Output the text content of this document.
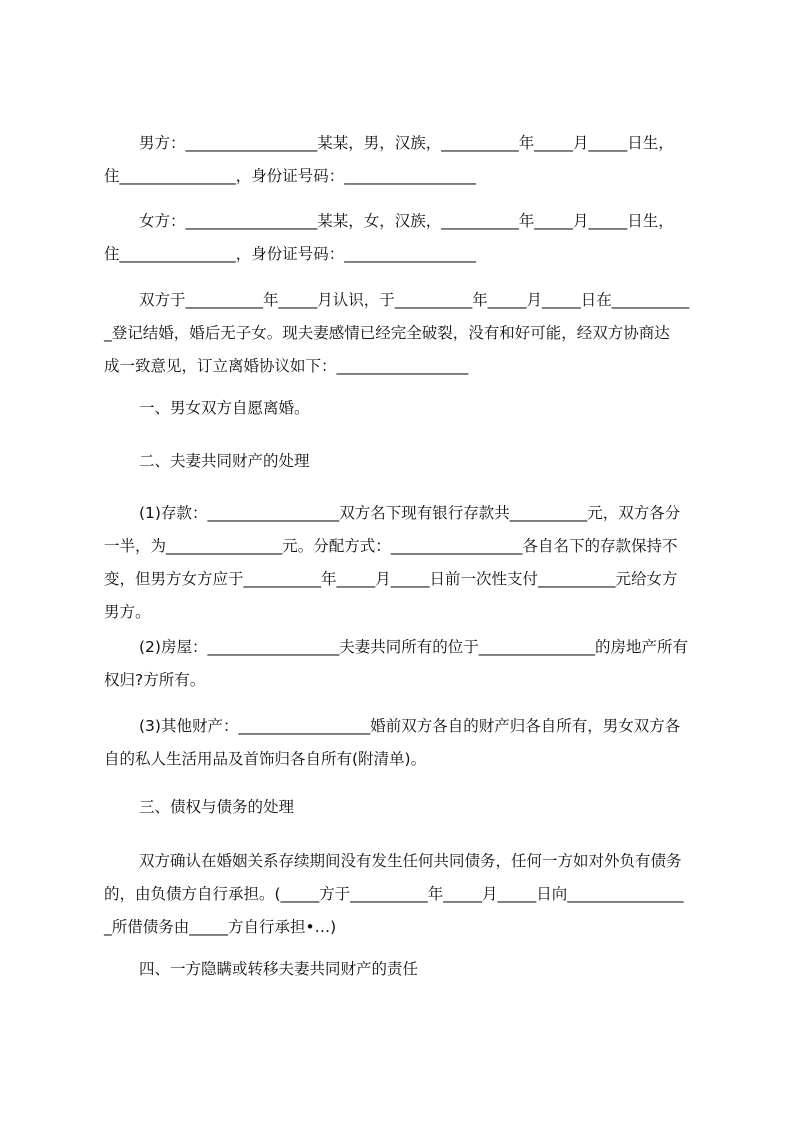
男方：_________________某某，男，汉族，__________年_____月_____日生，
住_______________，身份证号码：_________________
女方：_________________某某，女，汉族，__________年_____月_____日生，
住_______________，身份证号码：_________________
双方于__________年_____月认识，于__________年_____月_____日在__________
_登记结婚，婚后无子女。现夫妻感情已经完全破裂，没有和好可能，经双方协商达
成一致意见，订立离婚协议如下：_________________
一、男女双方自愿离婚。
二、夫妻共同财产的处理
(1)存款：_________________双方名下现有银行存款共__________元，双方各分
一半，为_______________元。分配方式：_________________各自名下的存款保持不
变，但男方女方应于__________年_____月_____日前一次性支付__________元给女方
男方。
(2)房屋：_________________夫妻共同所有的位于_______________的房地产所有
权归?方所有。
(3)其他财产：_________________婚前双方各自的财产归各自所有，男女双方各
自的私人生活用品及首饰归各自所有(附清单)。
三、债权与债务的处理
双方确认在婚姻关系存续期间没有发生任何共同债务，任何一方如对外负有债务
的，由负债方自行承担。(_____方于__________年_____月_____日向_______________
_所借债务由_____方自行承担•…)
四、一方隐瞒或转移夫妻共同财产的责任
